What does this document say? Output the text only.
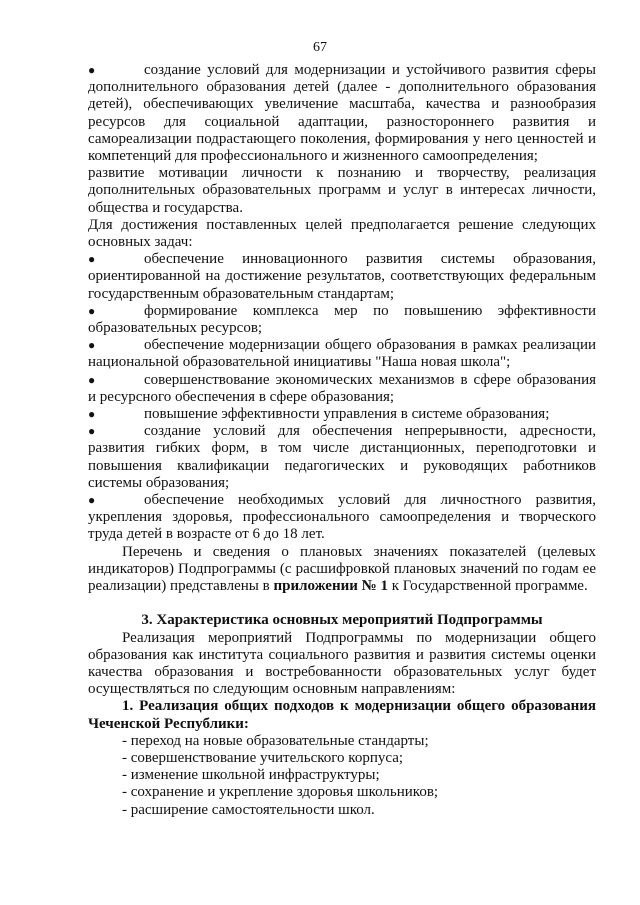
67

●	создание условий для модернизации и устойчивого развития сферы дополнительного образования детей (далее - дополнительного образования детей), обеспечивающих увеличение масштаба, качества и разнообразия ресурсов для социальной адаптации, разностороннего развития и самореализации подрастающего поколения, формирования у него ценностей и компетенций для профессионального и жизненного самоопределения;

развитие мотивации личности к познанию и творчеству, реализация дополнительных образовательных программ и услуг в интересах личности, общества и государства.

Для достижения поставленных целей предполагается решение следующих основных задач:

●	обеспечение инновационного развития системы образования, ориентированной на достижение результатов, соответствующих федеральным государственным образовательным стандартам;

●	формирование комплекса мер по повышению эффективности образовательных ресурсов;

●	обеспечение модернизации общего образования в рамках реализации национальной образовательной инициативы "Наша новая школа";

●	совершенствование экономических механизмов в сфере образования и ресурсного обеспечения в сфере образования;

●	повышение эффективности управления в системе образования;

●	создание условий для обеспечения непрерывности, адресности, развития гибких форм, в том числе дистанционных, переподготовки и повышения квалификации педагогических и руководящих работников системы образования;

●	обеспечение необходимых условий для личностного развития, укрепления здоровья, профессионального самоопределения и творческого труда детей в возрасте от 6 до 18 лет.

Перечень и сведения о плановых значениях показателей (целевых индикаторов) Подпрограммы (с расшифровкой плановых значений по годам ее реализации) представлены в приложении № 1 к Государственной программе.

3. Характеристика основных мероприятий Подпрограммы

Реализация мероприятий Подпрограммы по модернизации общего образования как института социального развития и развития системы оценки качества образования и востребованности образовательных услуг будет осуществляться по следующим основным направлениям:

1. Реализация общих подходов к модернизации общего образования Чеченской Республики:

- переход на новые образовательные стандарты;

- совершенствование учительского корпуса;

- изменение школьной инфраструктуры;

- сохранение и укрепление здоровья школьников;

- расширение самостоятельности школ.
